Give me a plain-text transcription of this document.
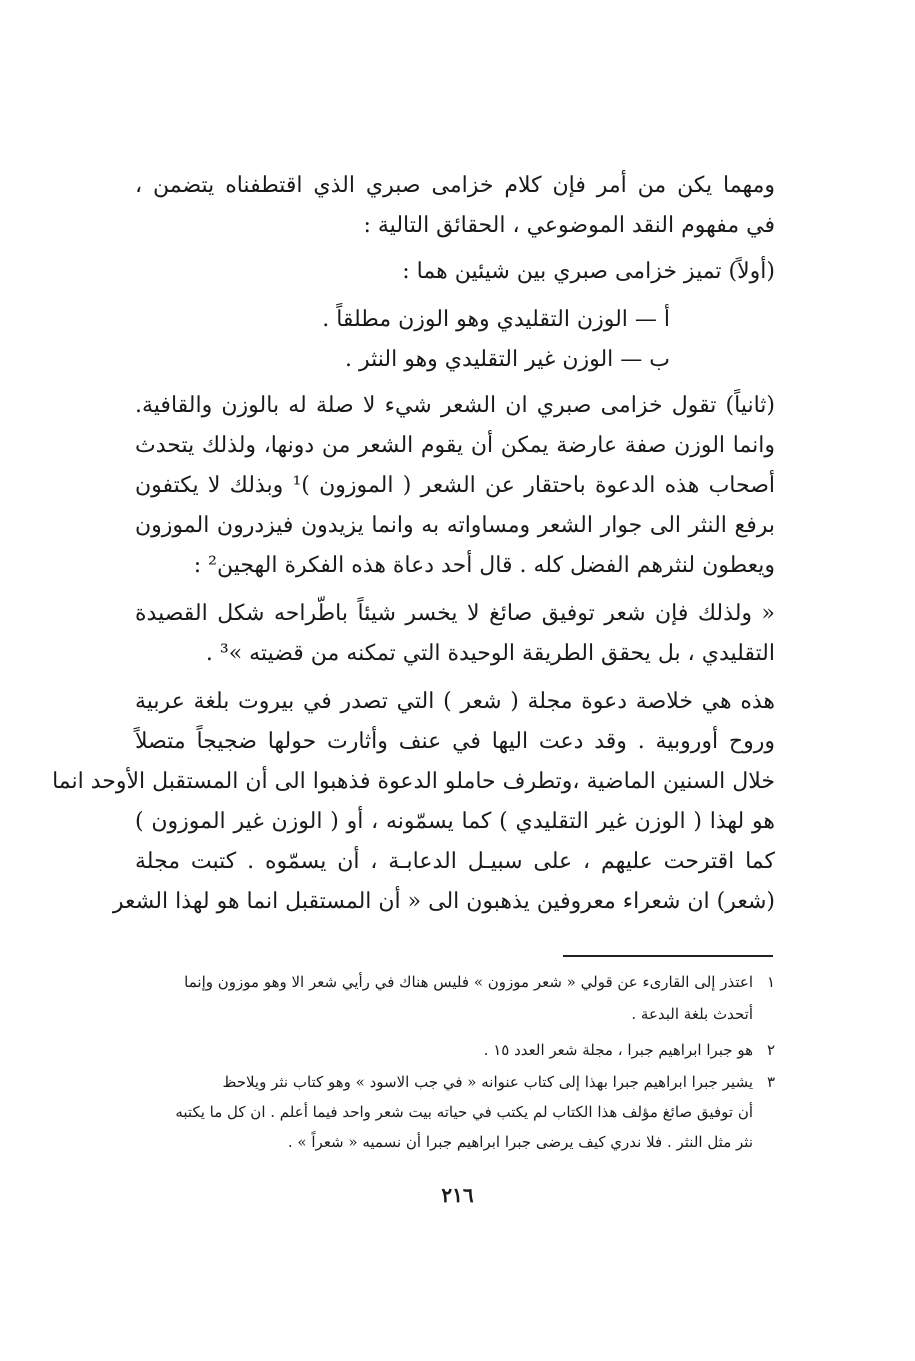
ومهما يكن من أمر فإن كلام خزامى صبري الذي اقتطفناه يتضمن ،
في مفهوم النقد الموضوعي ، الحقائق التالية :
(أولاً) تميز خزامى صبري بين شيئين هما :
أ — الوزن التقليدي وهو الوزن مطلقاً .
ب — الوزن غير التقليدي وهو النثر .
(ثانياً) تقول خزامى صبري ان الشعر شيء لا صلة له بالوزن والقافية.
وانما الوزن صفة عارضة يمكن أن يقوم الشعر من دونها، ولذلك يتحدث
أصحاب هذه الدعوة باحتقار عن الشعر ( الموزون )¹ وبذلك لا يكتفون
برفع النثر الى جوار الشعر ومساواته به وانما يزيدون فيزدرون الموزون
ويعطون لنثرهم الفضل كله . قال أحد دعاة هذه الفكرة الهجين² :
« ولذلك فإن شعر توفيق صائغ لا يخسر شيئاً باطّراحه شكل القصيدة
التقليدي ، بل يحقق الطريقة الوحيدة التي تمكنه من قضيته »³ .
هذه هي خلاصة دعوة مجلة ( شعر ) التي تصدر في بيروت بلغة عربية
وروح أوروبية . وقد دعت اليها في عنف وأثارت حولها ضجيجاً متصلاً
خلال السنين الماضية ،وتطرف حاملو الدعوة فذهبوا الى أن المستقبل الأوحد انما
هو لهذا ( الوزن غير التقليدي ) كما يسمّونه ، أو ( الوزن غير الموزون )
كما اقترحت عليهم ، على سبيـل الدعابـة ، أن يسمّوه . كتبت مجلة
(شعر) ان شعراء معروفين يذهبون الى « أن المستقبل انما هو لهذا الشعر
١اعتذر إلى القارىء عن قولي « شعر موزون » فليس هناك في رأيي شعر الا وهو موزون وإنما
أتحدث بلغة البدعة .
٢هو جبرا ابراهيم جبرا ، مجلة شعر العدد ١٥ .
٣يشير جبرا ابراهيم جبرا بهذا إلى كتاب عنوانه « في جب الاسود » وهو كتاب نثر ويلاحظ
أن توفيق صائغ مؤلف هذا الكتاب لم يكتب في حياته بيت شعر واحد فيما أعلم . ان كل ما يكتبه
نثر مثل النثر . فلا ندري كيف يرضى جبرا ابراهيم جبرا أن نسميه « شعراً » .
٢١٦
